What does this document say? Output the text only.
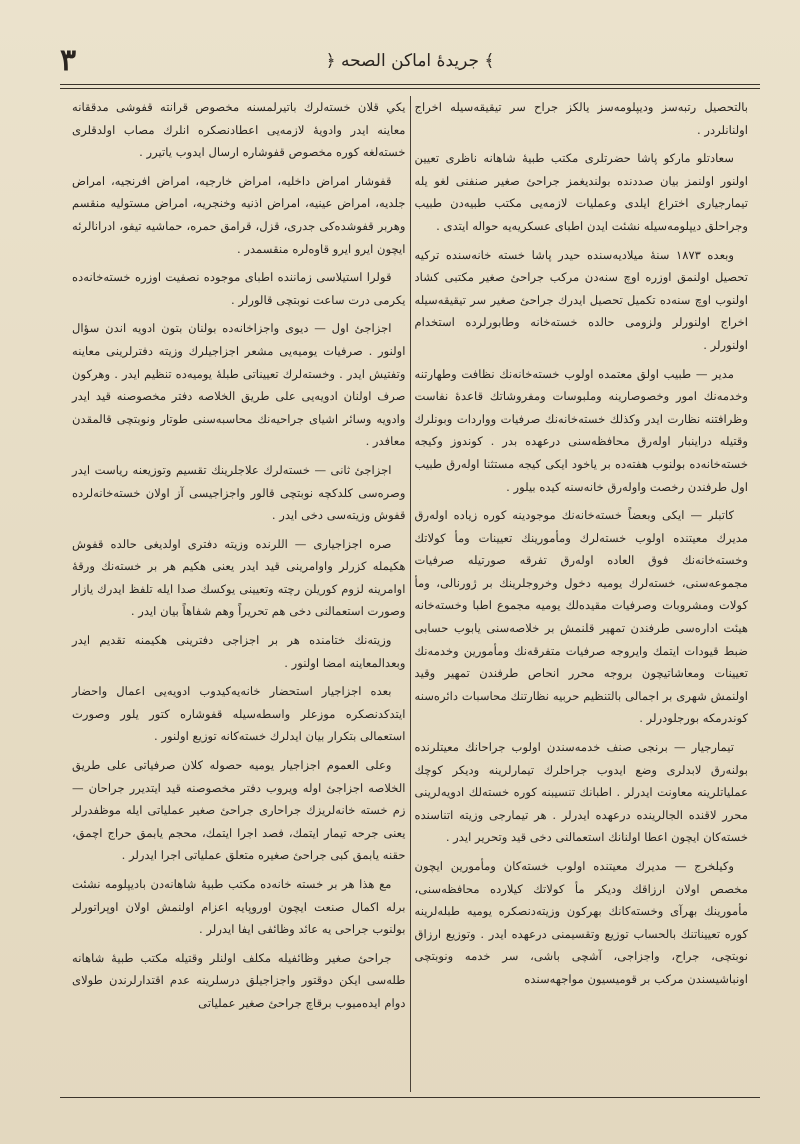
۳	﴿ جريدهٔ اماكن الصحه ﴾

يكي قلان خستەلرك باتيرلمسنه مخصوص قرانته قفوشى مدققانه معاينه ايدر وادويهٔ لازمەيى اعطادنصكره انلرك مصاب اولدقلرى خستەلغه كوره مخصوص قفوشاره ارسال ايدوب ياتيرر .

قفوشار امراض داخليه، امراض خارجيه، امراض افرنجيه، امراض جلديه، امراض عينيه، امراض اذنيه وخنجريه، امراض مستوليه منقسم وهربر قفوشدەكى جدرى، قزل، قرامق حمره، حماشيه تيفو، ادرانالرئه ايچون ايرو ايرو قاوەلره منقسمدر .

قولرا استيلاسى زماننده اطباى موجوده نصفيت اوزره خستەخانەده يكرمى درت ساعت نوبتچى قالورلر .

اجزاجئ اول — ديوى واجزاخانەده بولنان بتون ادويه اندن سؤال اولنور . صرفيات يوميەيى مشعر اجزاجيلرك وزيته دفترلرينى معاينه وتفتيش ايدر . وخستەلرك تعييناتى طبلهٔ يوميەده تنظيم ايدر . وهركون صرف اولنان ادويەيى على طريق الخلاصه دفتر مخصوصنه قيد ايدر وادويه وسائر اشياى جراحيەنك محاسبەسنى طوتار ونوبتچى قالمقدن معافدر .

اجزاجئ ثانى — خستەلرك علاجلرينك تقسيم وتوزيعنه رياست ايدر وصرەسى كلدكچه نوبتچى قالور واجزاجيسى آز اولان خستەخانەلرده قفوش وزيتەسى دخى ايدر .

صره اجزاجيارى — اللرنده وزيته دفترى اولديغى حالده قفوش هكيمله كزرلر واوامرينى قيد ايدر يعنى هكيم هر بر خستەنك ورقهٔ اوامرينه لزوم كوريلن رچته وتعيينى يوكسك صدا ايله تلفظ ايدرك يازار وصورت استعمالنى دخى هم تحريراً وهم شفاهاً بيان ايدر .

وزيتەنك ختامنده هر بر اجزاجى دفترينى هكيمنه تقديم ايدر وبعدالمعاينه امضا اولنور .

بعده اجزاجيار استحضار خانەيەكيدوب ادويەيى اعمال واحضار ايتدكدنصكره موزعلر واسطەسيله قفوشاره كتور يلور وصورت استعمالى بتكرار بيان ايدلرك خستەكانه توزيع اولنور .

وعلى العموم اجزاجيار يوميه حصوله كلان صرفياتى على طريق الخلاصه اجزاجئ اوله ويروب دفتر مخصوصنه قيد ايتديرر جراحان — زم خسته خانەلريزك جراحارى جراحئ صغير عملياتى ايله موظفدرلر يعنى جرحه تيمار ايتمك، فصد اجرا ايتمك، محجم يابمق حراج اچمق، حقنه يابمق كبى جراحئ صغيره متعلق عملياتى اجرا ايدرلر .

مع هذا هر بر خسته خانەده مكتب طبيهٔ شاهانەدن باديپلومه نشئت برله اكمال صنعت ايچون اوروپايه اعزام اولنمش اولان اوپراتورلر بولنوب جراحى يه عائد وظائفى ايفا ايدرلر .

جراحئ صغير وظائفيله مكلف اولنلر وقتيله مكتب طبيهٔ شاهانه طلەسى ايكن دوقتور واجزاجيلق درسلرينه عدم اقتدارلرندن طولاى دوام ايدەميوب برقاچ جراحئ صغير عملياتى

بالتحصيل رتبەسز وديپلومەسز يالكز جراح سر تيقيقەسيله اخراج اولنانلردر .

سعادتلو ماركو پاشا حضرتلرى مكتب طبيهٔ شاهانه ناظرى تعيين اولنور اولنمز بيان صددنده بولنديغمز جراحئ صغير صنفنى لغو يله تيمارجيارى اختراع ايلدى وعمليات لازمەيى مكتب طبيەدن طبيب وجراحلق ديپلومەسيله نشئت ايدن اطباى عسكريەيه حواله ايتدى .

وبعده ۱۸۷۳ سنهٔ ميلاديەسنده حيدر پاشا خسته خانەسنده تركيه تحصيل اولنمق اوزره اوچ سنەدن مركب جراحئ صغير مكتبى كشاد اولنوب اوچ سنەده تكميل تحصيل ايدرك جراحئ صغير سر تيقيقەسيله اخراج اولنورلر ولزومى حالده خستەخانه وطابورلرده استخدام اولنورلر .

مدير — طبيب اولق معتمده اولوب خستەخانەنك نظافت وطهارتنه وخدمەنك امور وخصوصارينه وملبوسات ومفروشاتك قاعدهٔ نفاست وظرافتنه نظارت ايدر وكذلك خستەخانەنك صرفيات وواردات وبونلرك وقتيله دراينبار اولەرق محافظەسنى درعهده بدر . كوندوز وكيجه خستەخانەده بولنوب هفتەده بر ياخود ايكى كيجه مستثنا اولەرق طبيب اول طرفندن رخصت واولەرق خانەسنه كيده بيلور .

كاتبلر — ايكى وبعضاً خستەخانەنك موجودينه كوره زياده اولەرق مديرك معيتنده اولوب خستەلرك ومأمورينك تعيينات ومأ كولاتك وخستەخانەنك فوق العاده اولەرق تفرقه صورتيله صرفيات مجموعەسنى، خستەلرك يوميه دخول وخروجلرينك بر ژورنالى، ومأ كولات ومشروبات وصرفيات مقيدەلك يوميه مجموع اطبا وخستەخانه هيئت ادارەسى طرفندن تمهير قلنمش بر خلاصەسنى يابوب حسابى ضبط قيودات ايتمك وايروجه صرفيات متفرقەنك ومأمورين وخدمەنك تعيينات ومعاشاتيچون بروجه محرر انحاص طرفندن تمهير وقيد اولنمش شهرى بر اجمالى بالتنظيم حربيه نظارتنك محاسبات دائرەسنه كوندرمكه بورجلودرلر .

تيمارجيار — برنجى صنف خدمەسندن اولوب جراحانك معيتلرنده بولنەرق لابدلرى وضع ايدوب جراحلرك تيمارلرينه وديكر كوچك عملياتلرينه معاونت ايدرلر . اطبانك تنسيبنه كوره خستەلك ادويەلرينى محرر لاقنده الجالرينده درعهده ايدرلر . هر تيمارجى وزيته اتناسنده خستەكان ايچون اعطا اولنانك استعمالنى دخى قيد وتحرير ايدر .

وكيلخرج — مديرك معيتنده اولوب خستەكان ومأمورين ايچون مخصص اولان ارزاقك وديكر مأ كولاتك كيلارده محافظەسنى، مأمورينك بهرآى وخستەكانك بهركون وزيتەدنصكره يوميه طبلەلرينه كوره تعييناتنك بالحساب توزيع وتقسيمنى درعهده ايدر . وتوزيع ارزاق نوبتچى، جراح، واجزاجى، آشچى باشى، سر خدمه ونوبتچى اونباشيسندن مركب بر قوميسيون مواجهەسنده
